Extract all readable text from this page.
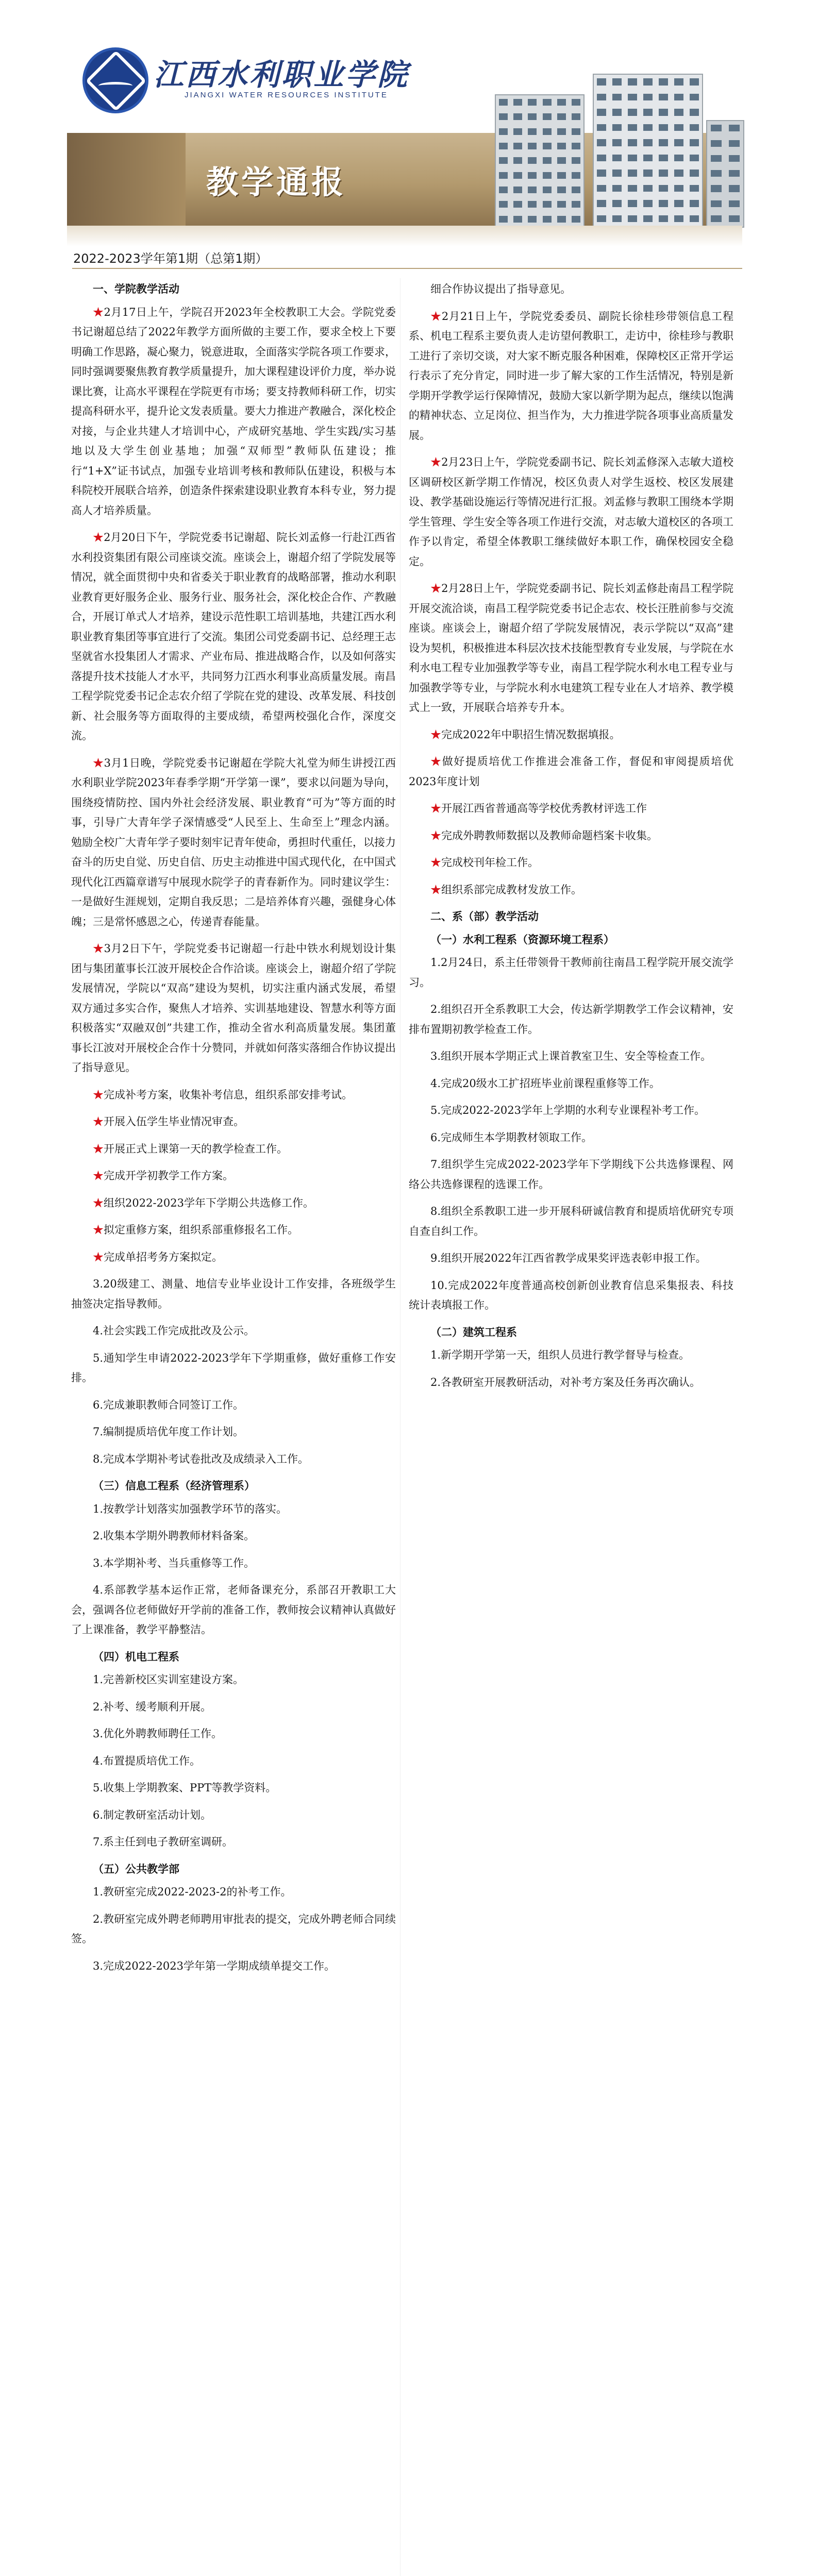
江西水利职业学院
JIANGXI WATER RESOURCES INSTITUTE
教学通报
2022-2023学年第1期（总第1期）
一、学院教学活动
★ 2月17日上午，学院召开2023年全校教职工大会。学院党委书记谢超总结了2022年教学方面所做的主要工作，要求全校上下要明确工作思路，凝心聚力，锐意进取，全面落实学院各项工作要求，同时强调要聚焦教育教学质量提升，加大课程建设评价力度，举办说课比赛，让高水平课程在学院更有市场；要支持教师科研工作，切实提高科研水平，提升论文发表质量。要大力推进产教融合，深化校企对接，与企业共建人才培训中心，产成研究基地、学生实践/实习基地以及大学生创业基地；加强“双师型”教师队伍建设；推行“1+X”证书试点，加强专业培训考核和教师队伍建设，积极与本科院校开展联合培养，创造条件探索建设职业教育本科专业，努力提高人才培养质量。
★ 2月20日下午，学院党委书记谢超、院长刘孟修一行赴江西省水利投资集团有限公司座谈交流。座谈会上，谢超介绍了学院发展等情况，就全面贯彻中央和省委关于职业教育的战略部署，推动水利职业教育更好服务企业、服务行业、服务社会，深化校企合作、产教融合，开展订单式人才培养，建设示范性职工培训基地，共建江西水利职业教育集团等事宜进行了交流。集团公司党委副书记、总经理王志坚就省水投集团人才需求、产业布局、推进战略合作，以及如何落实落提升技术技能人才水平，共同努力江西水利事业高质量发展。南昌工程学院党委书记企志农介绍了学院在党的建设、改革发展、科技创新、社会服务等方面取得的主要成绩，希望两校强化合作，深度交流。
★ 3月1日晚，学院党委书记谢超在学院大礼堂为师生讲授江西水利职业学院2023年春季学期“开学第一课”，要求以问题为导向，围绕疫情防控、国内外社会经济发展、职业教育“可为”等方面的时事，引导广大青年学子深情感受“人民至上、生命至上”理念内涵。勉励全校广大青年学子要时刻牢记青年使命，勇担时代重任，以接力奋斗的历史自觉、历史自信、历史主动推进中国式现代化，在中国式现代化江西篇章谱写中展现水院学子的青春新作为。同时建议学生：一是做好生涯规划，定期自我反思；二是培养体育兴趣，强健身心体魄；三是常怀感恩之心，传递青春能量。
★ 3月2日下午，学院党委书记谢超一行赴中铁水利规划设计集团与集团董事长江波开展校企合作洽谈。座谈会上，谢超介绍了学院发展情况，学院以“双高”建设为契机，切实注重内涵式发展，希望双方通过多实合作，聚焦人才培养、实训基地建设、智慧水利等方面积极落实“双融双创”共建工作，推动全省水利高质量发展。集团董事长江波对开展校企合作十分赞同，并就如何落实落细合作协议提出了指导意见。
★ 完成补考方案，收集补考信息，组织系部安排考试。
★ 开展入伍学生毕业情况审查。
★ 开展正式上课第一天的教学检查工作。
★ 完成开学初教学工作方案。
★ 组织2022-2023学年下学期公共选修工作。
★ 拟定重修方案，组织系部重修报名工作。
★ 完成单招考务方案拟定。
3.20级建工、测量、地信专业毕业设计工作安排，各班级学生抽签决定指导教师。
4.社会实践工作完成批改及公示。
5.通知学生申请2022-2023学年下学期重修，做好重修工作安排。
6.完成兼职教师合同签订工作。
7.编制提质培优年度工作计划。
8.完成本学期补考试卷批改及成绩录入工作。
（三）信息工程系（经济管理系）
1.按教学计划落实加强教学环节的落实。
2.收集本学期外聘教师材料备案。
3.本学期补考、当兵重修等工作。
4.系部教学基本运作正常，老师备课充分，系部召开教职工大会，强调各位老师做好开学前的准备工作，教师按会议精神认真做好了上课准备，教学平静整洁。
（四）机电工程系
1.完善新校区实训室建设方案。
2.补考、缓考顺利开展。
3.优化外聘教师聘任工作。
4.布置提质培优工作。
5.收集上学期教案、PPT等教学资料。
6.制定教研室活动计划。
7.系主任到电子教研室调研。
（五）公共教学部
1.教研室完成2022-2023-2的补考工作。
2.教研室完成外聘老师聘用审批表的提交，完成外聘老师合同续签。
3.完成2022-2023学年第一学期成绩单提交工作。
细合作协议提出了指导意见。
★ 2月21日上午，学院党委委员、副院长徐桂珍带领信息工程系、机电工程系主要负责人走访望何教职工，走访中，徐桂珍与教职工进行了亲切交谈，对大家不断克服各种困难，保障校区正常开学运行表示了充分肯定，同时进一步了解大家的工作生活情况，特别是新学期开学教学运行保障情况，鼓励大家以新学期为起点，继续以饱满的精神状态、立足岗位、担当作为，大力推进学院各项事业高质量发展。
★ 2月23日上午，学院党委副书记、院长刘孟修深入志敏大道校区调研校区新学期工作情况，校区负责人对学生返校、校区发展建设、教学基础设施运行等情况进行汇报。刘孟修与教职工围绕本学期学生管理、学生安全等各项工作进行交流，对志敏大道校区的各项工作予以肯定，希望全体教职工继续做好本职工作，确保校园安全稳定。
★ 2月28日上午，学院党委副书记、院长刘孟修赴南昌工程学院开展交流洽谈，南昌工程学院党委书记企志农、校长汪胜前参与交流座谈。座谈会上，谢超介绍了学院发展情况，表示学院以“双高”建设为契机，积极推进本科层次技术技能型教育专业发展，与学院在水利水电工程专业加强教学等专业，南昌工程学院水利水电工程专业与加强教学等专业，与学院水利水电建筑工程专业在人才培养、教学模式上一致，开展联合培养专升本。
★ 完成2022年中职招生情况数据填报。
★ 做好提质培优工作推进会准备工作，督促和审阅提质培优2023年度计划
★ 开展江西省普通高等学校优秀教材评选工作
★ 完成外聘教师数据以及教师命题档案卡收集。
★ 完成校刊年检工作。
★ 组织系部完成教材发放工作。
二、系（部）教学活动
（一）水利工程系（资源环境工程系）
1.2月24日，系主任带领骨干教师前往南昌工程学院开展交流学习。
2.组织召开全系教职工大会，传达新学期教学工作会议精神，安排布置期初教学检查工作。
3.组织开展本学期正式上课首教室卫生、安全等检查工作。
4.完成20级水工扩招班毕业前课程重修等工作。
5.完成2022-2023学年上学期的水利专业课程补考工作。
6.完成师生本学期教材领取工作。
7.组织学生完成2022-2023学年下学期线下公共选修课程、网络公共选修课程的选课工作。
8.组织全系教职工进一步开展科研诚信教育和提质培优研究专项自查自纠工作。
9.组织开展2022年江西省教学成果奖评选表彰申报工作。
10.完成2022年度普通高校创新创业教育信息采集报表、科技统计表填报工作。
（二）建筑工程系
1.新学期开学第一天，组织人员进行教学督导与检查。
2.各教研室开展教研活动，对补考方案及任务再次确认。
